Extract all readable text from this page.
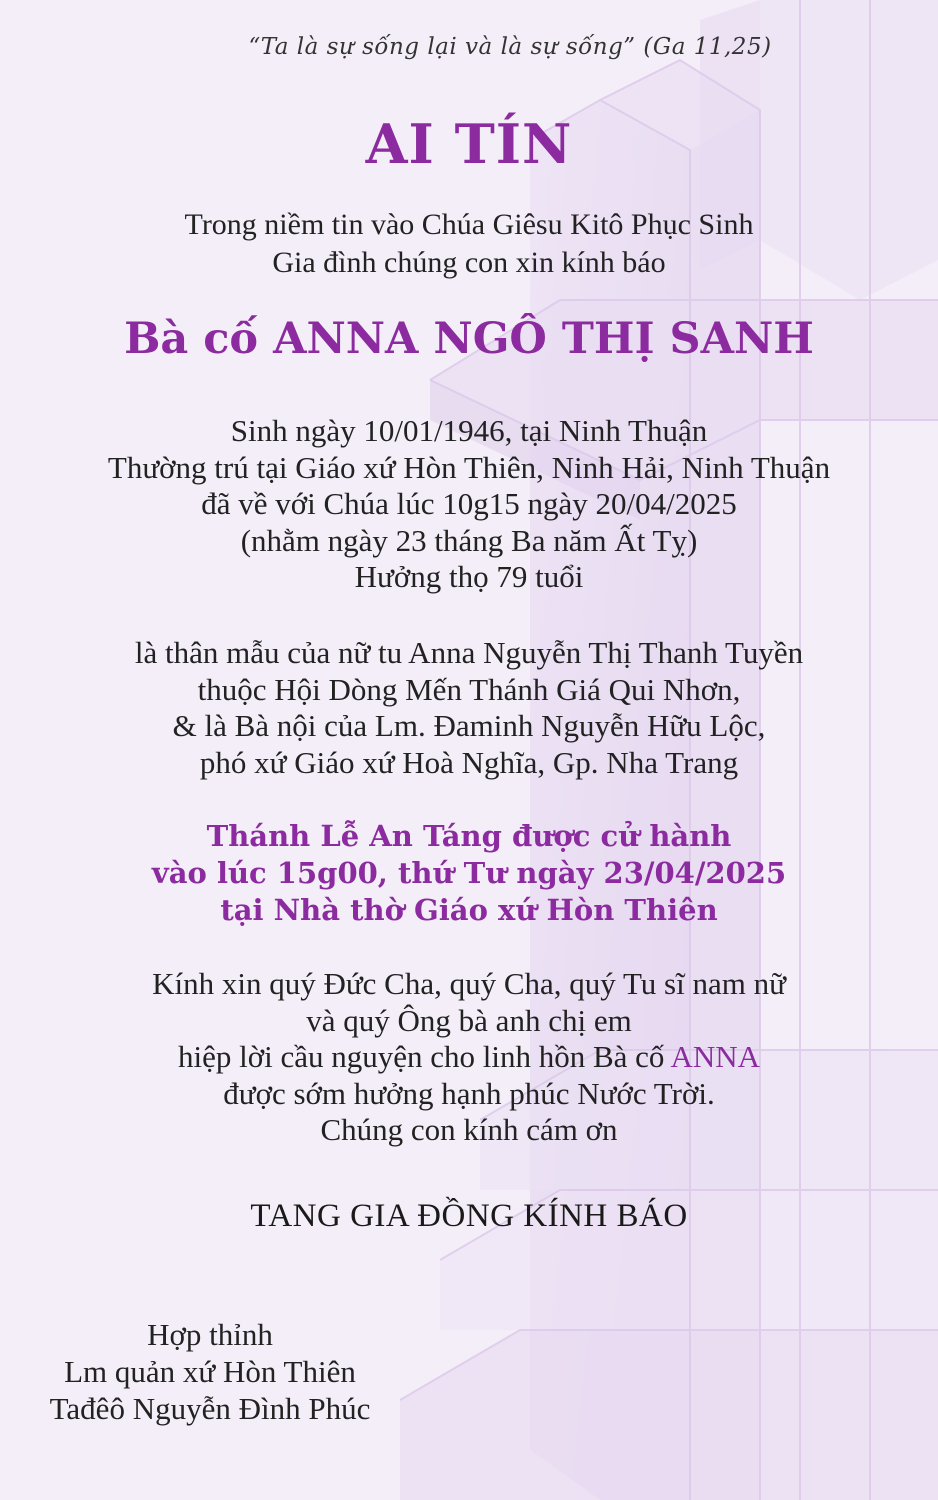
“Ta là sự sống lại và là sự sống” (Ga 11,25)
AI TÍN
Trong niềm tin vào Chúa Giêsu Kitô Phục Sinh
Gia đình chúng con xin kính báo
Bà cố ANNA NGÔ THỊ SANH
Sinh ngày 10/01/1946, tại Ninh Thuận
Thường trú tại Giáo xứ Hòn Thiên, Ninh Hải, Ninh Thuận
đã về với Chúa lúc 10g15 ngày 20/04/2025
(nhằm ngày 23 tháng Ba năm Ất Tỵ)
Hưởng thọ 79 tuổi
là thân mẫu của nữ tu Anna Nguyễn Thị Thanh Tuyền
thuộc Hội Dòng Mến Thánh Giá Qui Nhơn,
& là Bà nội của Lm. Đaminh Nguyễn Hữu Lộc,
phó xứ Giáo xứ Hoà Nghĩa, Gp. Nha Trang
Thánh Lễ An Táng được cử hành
vào lúc 15g00, thứ Tư ngày 23/04/2025
tại Nhà thờ Giáo xứ Hòn Thiên
Kính xin quý Đức Cha, quý Cha, quý Tu sĩ nam nữ
và quý Ông bà anh chị em
hiệp lời cầu nguyện cho linh hồn Bà cố ANNA
được sớm hưởng hạnh phúc Nước Trời.
Chúng con kính cám ơn
TANG GIA ĐỒNG KÍNH BÁO
Hợp thỉnh
Lm quản xứ Hòn Thiên
Tađêô Nguyễn Đình Phúc
